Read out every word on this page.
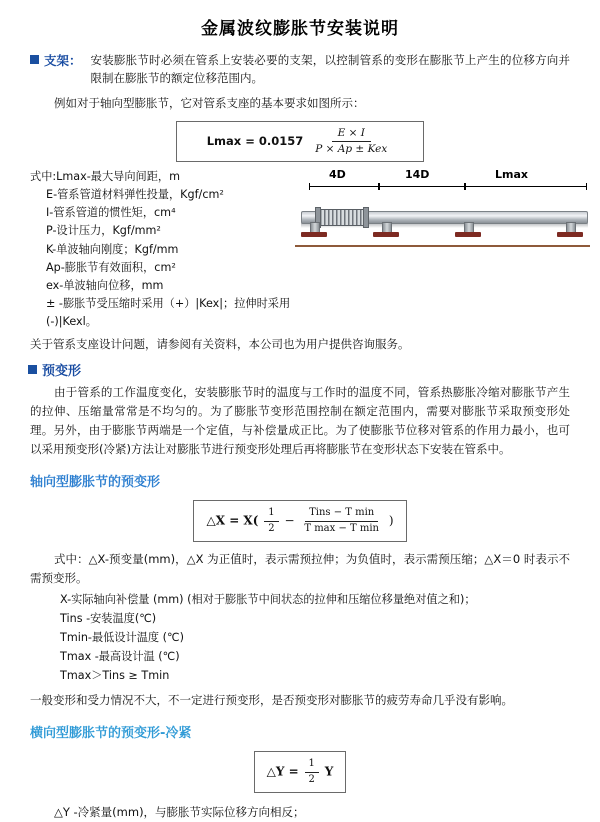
金属波纹膨胀节安装说明
支架： 安装膨胀节时必须在管系上安装必要的支架，以控制管系的变形在膨胀节上产生的位移方向并限制在膨胀节的额定位移范围内。
例如对于轴向型膨胀节，它对管系支座的基本要求如图所示：
$Lmax = 0.0157 \frac{E \times I}{\text{P × Ap ± Kex}}$
式中:Lmax-最大导向间距，m
E-管系管道材料弹性投量，Kgf/cm²
I-管系管道的惯性矩，cm⁴
P-设计压力，Kgf/mm²
K-单波轴向刚度；Kgf/mm
Ap-膨胀节有效面积，cm²
ex-单波轴向位移，mm
± -膨胀节受压缩时采用（+）|Kex|；拉伸时采用(-)|Kexl。
4D	14D	Lmax
关于管系支座设计问题，请参阅有关资料，本公司也为用户提供咨询服务。
预变形
由于管系的工作温度变化，安装膨胀节时的温度与工作时的温度不同，管系热膨胀冷缩对膨胀节产生的拉伸、压缩量常常是不均匀的。为了膨胀节变形范围控制在额定范围内，需要对膨胀节采取预变形处理。另外，由于膨胀节两端是一个定值，与补偿量成正比。为了使膨胀节位移对管系的作用力最小，也可以采用预变形(冷紧)方法让对膨胀节进行预变形处理后再将膨胀节在变形状态下安装在管系中。
轴向型膨胀节的预变形
△X = $X( \frac{1}{2} - \frac{\text{Tins − T min}}{\text{T max − T min}}$ )
式中：△X-预变量(mm)，△X 为正值时，表示需预拉伸；为负值时，表示需预压缩；△X＝0 时表示不需预变形。
X-实际轴向补偿量 (mm) (相对于膨胀节中间状态的拉伸和压缩位移量绝对值之和)；
Tins -安装温度(℃)
Tmin-最低设计温度 (℃)
Tmax -最高设计温 (℃)
Tmax＞Tins ≥ Tmin
一般变形和受力情况不大，不一定进行预变形，是否预变形对膨胀节的疲劳寿命几乎没有影响。
横向型膨胀节的预变形-冷紧
△Y = $\frac{1}{2}$ Y
△Y -冷紧量(mm)，与膨胀节实际位移方向相反；
